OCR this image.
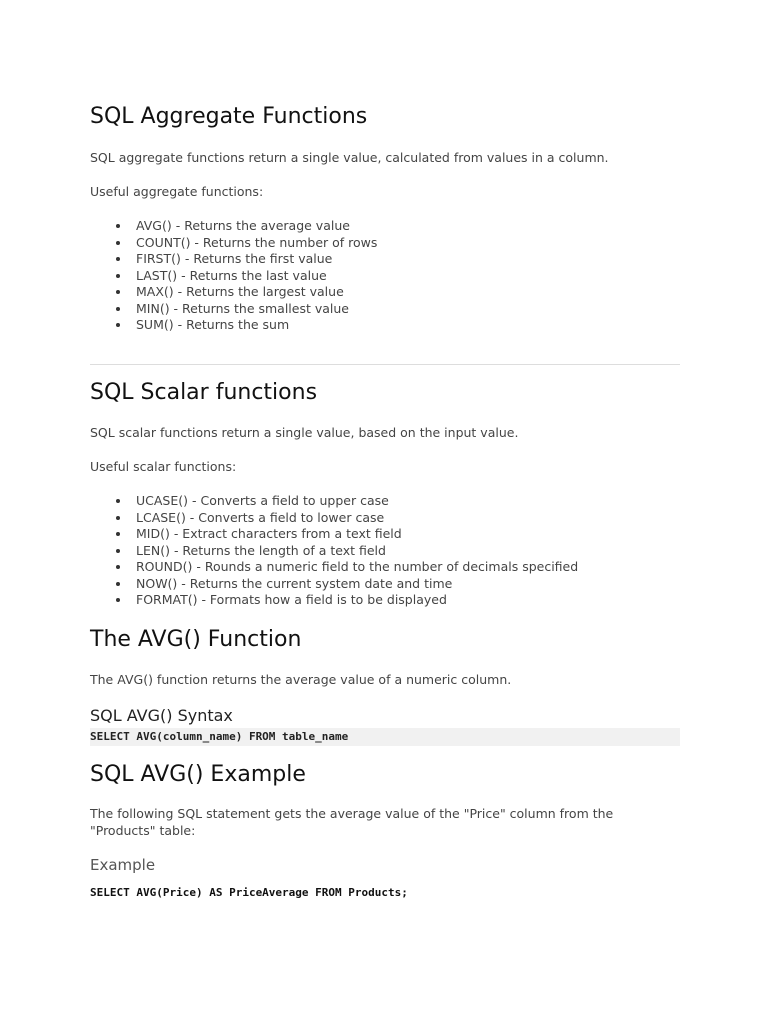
SQL Aggregate Functions

SQL aggregate functions return a single value, calculated from values in a column.

Useful aggregate functions:

AVG() - Returns the average value
COUNT() - Returns the number of rows
FIRST() - Returns the first value
LAST() - Returns the last value
MAX() - Returns the largest value
MIN() - Returns the smallest value
SUM() - Returns the sum
SQL Scalar functions

SQL scalar functions return a single value, based on the input value.

Useful scalar functions:

UCASE() - Converts a field to upper case
LCASE() - Converts a field to lower case
MID() - Extract characters from a text field
LEN() - Returns the length of a text field
ROUND() - Rounds a numeric field to the number of decimals specified
NOW() - Returns the current system date and time
FORMAT() - Formats how a field is to be displayed
The AVG() Function

The AVG() function returns the average value of a numeric column.

SQL AVG() Syntax
SELECT AVG(column_name) FROM table_name
SQL AVG() Example

The following SQL statement gets the average value of the "Price" column from the "Products" table:

Example
SELECT AVG(Price) AS PriceAverage FROM Products;
